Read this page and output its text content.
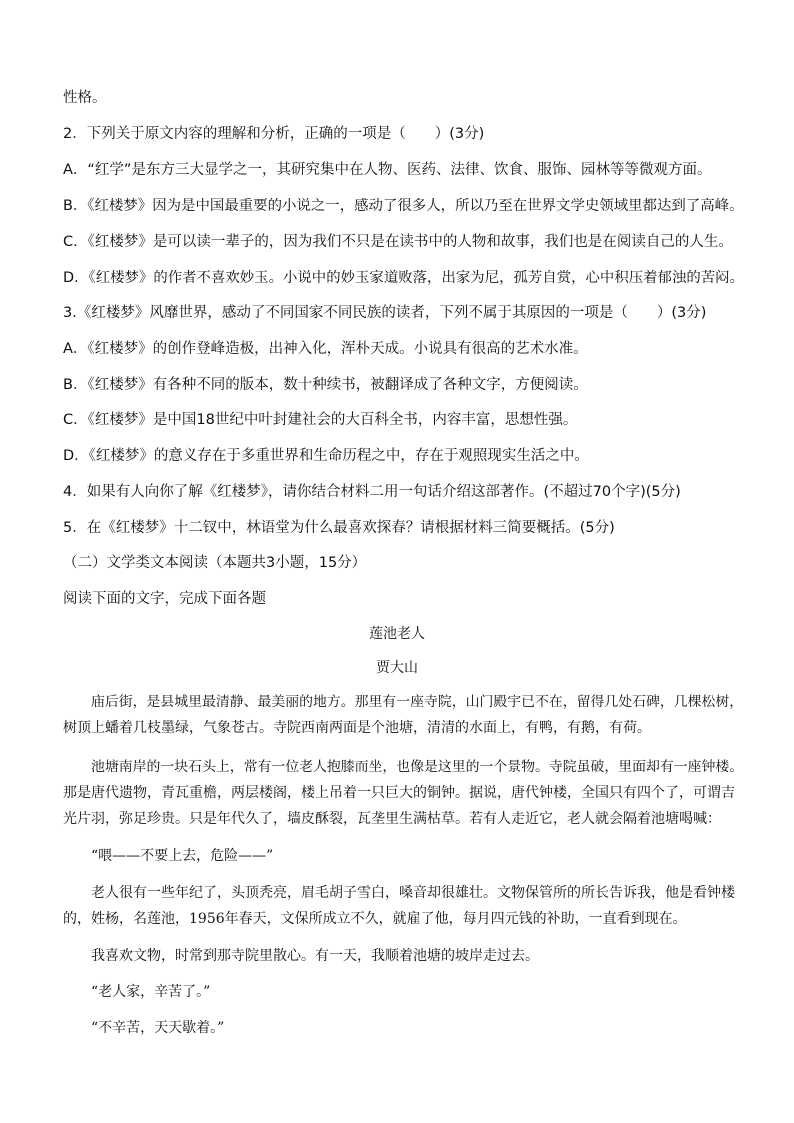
性格。
2．下列关于原文内容的理解和分析，正确的一项是（　　）(3分)
A．“红学”是东方三大显学之一，其研究集中在人物、医药、法律、饮食、服饰、园林等等微观方面。
B．《红楼梦》因为是中国最重要的小说之一，感动了很多人，所以乃至在世界文学史领域里都达到了高峰。
C．《红楼梦》是可以读一辈子的，因为我们不只是在读书中的人物和故事，我们也是在阅读自己的人生。
D．《红楼梦》的作者不喜欢妙玉。小说中的妙玉家道败落，出家为尼，孤芳自赏，心中积压着郁浊的苦闷。
3.《红楼梦》风靡世界，感动了不同国家不同民族的读者，下列不属于其原因的一项是（　　）(3分)
A．《红楼梦》的创作登峰造极，出神入化，浑朴天成。小说具有很高的艺术水准。
B．《红楼梦》有各种不同的版本，数十种续书，被翻译成了各种文字，方便阅读。
C．《红楼梦》是中国18世纪中叶封建社会的大百科全书，内容丰富，思想性强。
D．《红楼梦》的意义存在于多重世界和生命历程之中，存在于观照现实生活之中。
4．如果有人向你了解《红楼梦》，请你结合材料二用一句话介绍这部著作。(不超过70个字)(5分)
5．在《红楼梦》十二钗中，林语堂为什么最喜欢探春？请根据材料三简要概括。(5分)
（二）文学类文本阅读（本题共3小题，15分）
阅读下面的文字，完成下面各题
莲池老人
贾大山
庙后街，是县城里最清静、最美丽的地方。那里有一座寺院，山门殿宇已不在，留得几处石碑，几棵松树，
树顶上蟠着几枝墨绿，气象苍古。寺院西南两面是个池塘，清清的水面上，有鸭，有鹅，有荷。
池塘南岸的一块石头上，常有一位老人抱膝而坐，也像是这里的一个景物。寺院虽破，里面却有一座钟楼。
那是唐代遗物，青瓦重檐，两层楼阁，楼上吊着一只巨大的铜钟。据说，唐代钟楼，全国只有四个了，可谓吉
光片羽，弥足珍贵。只是年代久了，墙皮酥裂，瓦垄里生满枯草。若有人走近它，老人就会隔着池塘喝喊：
“喂——不要上去，危险——”
老人很有一些年纪了，头顶秃亮，眉毛胡子雪白，嗓音却很雄壮。文物保管所的所长告诉我，他是看钟楼
的，姓杨，名莲池，1956年春天，文保所成立不久，就雇了他，每月四元钱的补助，一直看到现在。
我喜欢文物，时常到那寺院里散心。有一天，我顺着池塘的坡岸走过去。
“老人家，辛苦了。”
“不辛苦，天天歇着。”
